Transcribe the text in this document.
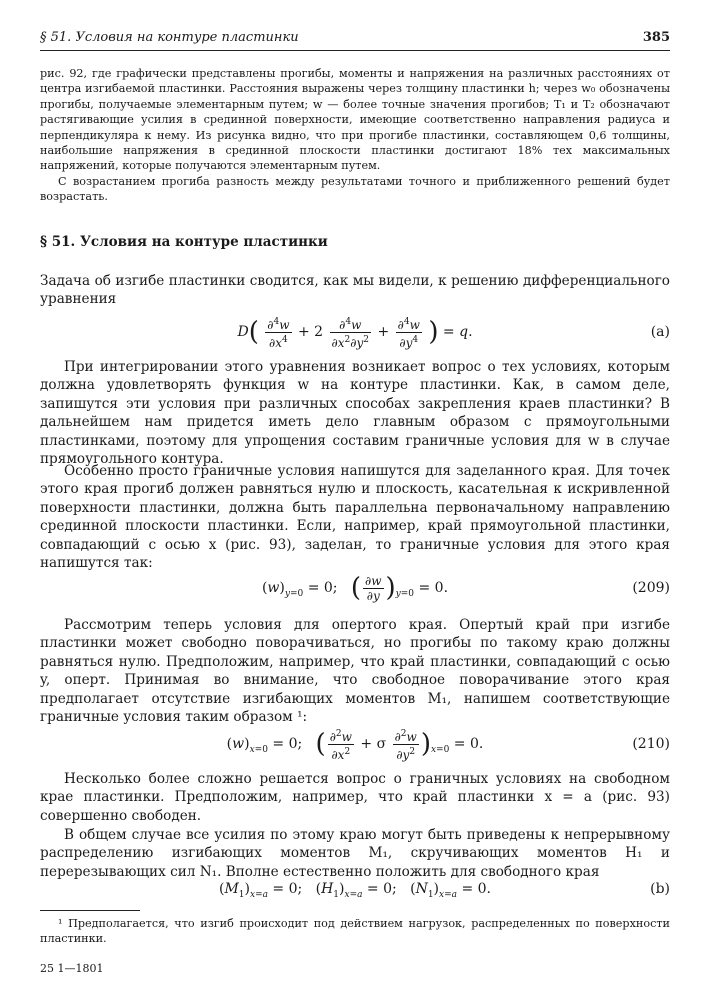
§ 51. Условия на контуре пластинки	385

рис. 92, где графически представлены прогибы, моменты и напряжения на различных расстояниях от центра изгибаемой пластинки. Расстояния выражены через толщину пластинки h; через w₀ обозначены прогибы, получаемые элементарным путем; w — более точные значения прогибов; T₁ и T₂ обозначают растягивающие усилия в срединной поверхности, имеющие соответственно направления радиуса и перпендикуляра к нему. Из рисунка видно, что при прогибе пластинки, составляющем 0,6 толщины, наибольшие напряжения в срединной плоскости пластинки достигают 18% тех максимальных напряжений, которые получаются элементарным путем.

С возрастанием прогиба разность между результатами точного и приближенного решений будет возрастать.

§ 51. Условия на контуре пластинки

Задача об изгибе пластинки сводится, как мы видели, к решению дифференциального уравнения

$D( \frac{\partial^4w}{\partial x^4} + 2 \frac{\partial^4w}{\partial x^2\partial y^2} + \frac{\partial^4w}{\partial y^4}$ ) = q.	(a)

При интегрировании этого уравнения возникает вопрос о тех условиях, которым должна удовлетворять функция w на контуре пластинки. Как, в самом деле, запишутся эти условия при различных способах закрепления краев пластинки? В дальнейшем нам придется иметь дело главным образом с прямоугольными пластинками, поэтому для упрощения составим граничные условия для w в случае прямоугольного контура.

Особенно просто граничные условия напишутся для заделанного края. Для точек этого края прогиб должен равняться нулю и плоскость, касательная к искривленной поверхности пластинки, должна быть параллельна первоначальному направлению срединной плоскости пластинки. Если, например, край прямоугольной пластинки, совпадающий с осью x (рис. 93), заделан, то граничные условия для этого края напишутся так:

$(w)_{y=0} = 0$;   ( $\frac{\partial w}{\partial y} )_{y=0} = 0$.	(209)

Рассмотрим теперь условия для опертого края. Опертый край при изгибе пластинки может свободно поворачиваться, но прогибы по такому краю должны равняться нулю. Предположим, например, что край пластинки, совпадающий с осью y, оперт. Принимая во внимание, что свободное поворачивание этого края предполагает отсутствие изгибающих моментов M₁, напишем соответствующие граничные условия таким образом ¹:

$(w)_{x=0} = 0$;   ( $\frac{\partial^2w}{\partial x^2} + \sigma \frac{\partial^2w}{\partial y^2} )_{x=0} = 0$.	(210)

Несколько более сложно решается вопрос о граничных условиях на свободном крае пластинки. Предположим, например, что край пластинки x = a (рис. 93) совершенно свободен.

В общем случае все усилия по этому краю могут быть приведены к непрерывному распределению изгибающих моментов M₁, скручивающих моментов H₁ и перерезывающих сил N₁. Вполне естественно положить для свободного края

$(M_1)_{x=a} = 0$;   $(H_1)_{x=a} = 0$;   $(N_1)_{x=a} = 0$.	(b)

¹ Предполагается, что изгиб происходит под действием нагрузок, распределенных по поверхности пластинки.

25 1—1801
